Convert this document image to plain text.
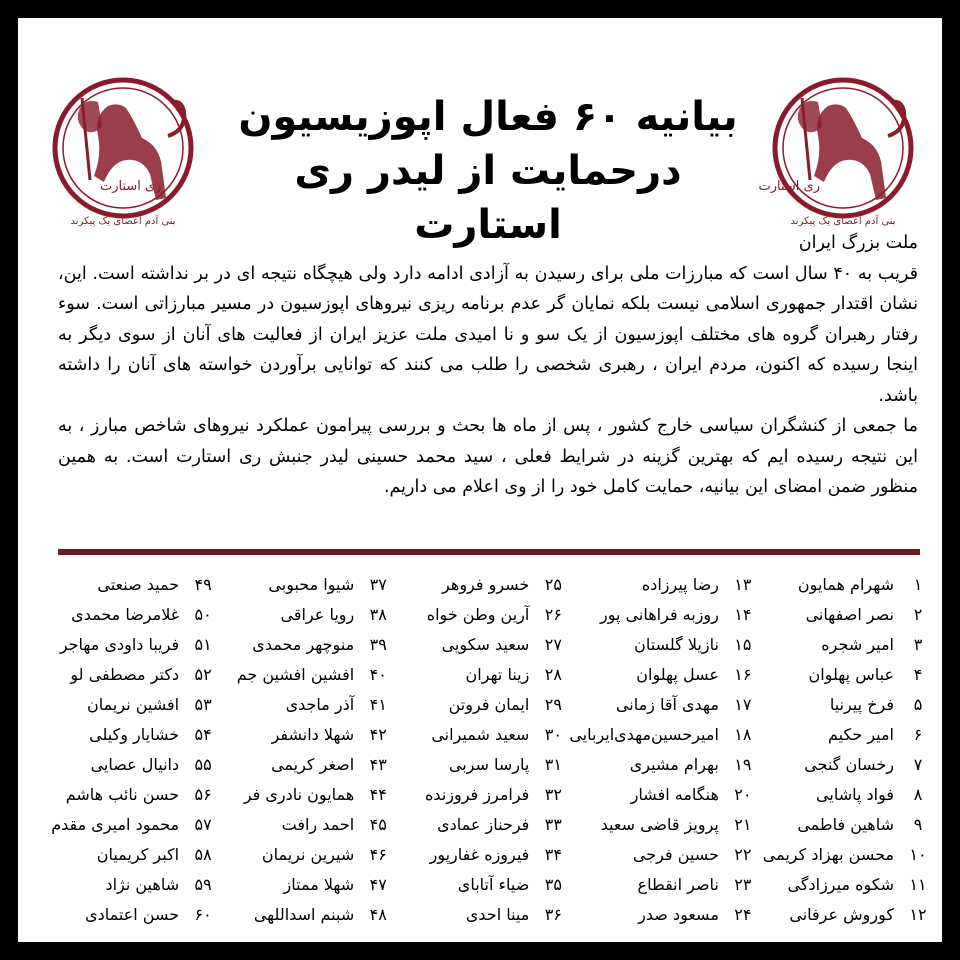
ری استارت
بنی آدم اعضای یک پیکرند
ری استارت
بنی آدم اعضای یک پیکرند
بیانیه ۶۰ فعال اپوزیسیون
درحمایت از لیدر ری استارت	ملت بزرگ ایران

قریب به ۴۰ سال است که مبارزات ملی برای رسیدن به آزادی ادامه دارد ولی هیچگاه نتیجه ای در بر نداشته است. این، نشان اقتدار جمهوری اسلامی نیست بلکه نمایان گر عدم برنامه ریزی نیروهای اپوزسیون در مسیر مبارزاتی است. سوء رفتار رهبران گروه های مختلف اپوزسیون از یک سو و نا امیدی ملت عزیز ایران از فعالیت های آنان از سوی دیگر به اینجا رسیده که اکنون، مردم ایران ، رهبری شخصی را طلب می کنند که توانایی برآوردن خواسته های آنان را داشته باشد.

ما جمعی از کنشگران سیاسی خارج کشور ، پس از ماه ها بحث و بررسی پیرامون عملکرد نیروهای شاخص مبارز ، به این نتیجه رسیده ایم که بهترین گزینه در شرایط فعلی ، سید محمد حسینی لیدر جنبش ری استارت است. به همین منظور ضمن امضای این بیانیه، حمایت کامل خود را از وی اعلام می داریم.

۱
شهرام همایون
۲
نصر اصفهانی
۳
امیر شجره
۴
عباس پهلوان
۵
فرخ پیرنیا
۶
امیر حکیم
۷
رخسان گنجی
۸
فواد پاشایی
۹
شاهین فاطمی
۱۰
محسن بهزاد کریمی
۱۱
شکوه میرزادگی
۱۲
کوروش عرفانی
۱۳
رضا پیرزاده
۱۴
روزبه فراهانی پور
۱۵
نازیلا گلستان
۱۶
عسل پهلوان
۱۷
مهدی آقا زمانی
۱۸
امیرحسین‌مهدی‌ایربایی
۱۹
بهرام مشیری
۲۰
هنگامه افشار
۲۱
پرویز قاضی سعید
۲۲
حسین فرجی
۲۳
ناصر انقطاع
۲۴
مسعود صدر
۲۵
خسرو فروهر
۲۶
آرین وطن خواه
۲۷
سعید سکویی
۲۸
زینا تهران
۲۹
ایمان فروتن
۳۰
سعید شمیرانی
۳۱
پارسا سربی
۳۲
فرامرز فروزنده
۳۳
فرحناز عمادی
۳۴
فیروزه غفارپور
۳۵
ضیاء آتابای
۳۶
مینا احدی
۳۷
شیوا محبوبی
۳۸
رویا عراقی
۳۹
منوچهر محمدی
۴۰
افشین افشین جم
۴۱
آذر ماجدی
۴۲
شهلا دانشفر
۴۳
اصغر کریمی
۴۴
همایون نادری فر
۴۵
احمد رافت
۴۶
شیرین نریمان
۴۷
شهلا ممتاز
۴۸
شبنم اسداللهی
۴۹
حمید صنعتی
۵۰
غلامرضا محمدی
۵۱
فریبا داودی مهاجر
۵۲
دکتر مصطفی لو
۵۳
افشین نریمان
۵۴
خشایار وکیلی
۵۵
دانیال عصایی
۵۶
حسن نائب هاشم
۵۷
محمود امیری مقدم
۵۸
اکبر کریمیان
۵۹
شاهین نژاد
۶۰
حسن اعتمادی
